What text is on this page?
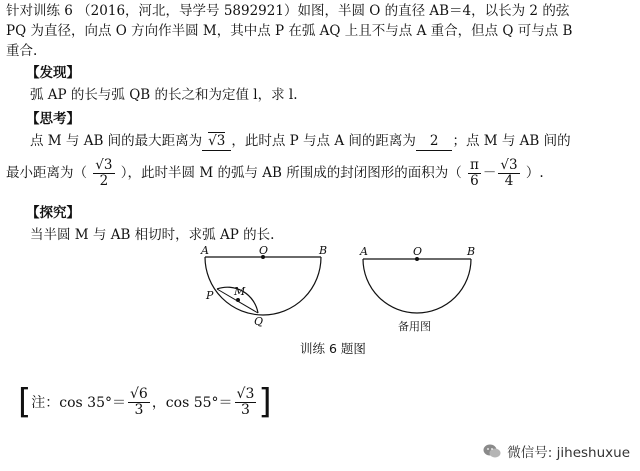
针对训练 6 （2016，河北，导学号 5892921）如图，半圆 O 的直径 AB＝4，以长为 2 的弦
PQ 为直径，向点 O 方向作半圆 M，其中点 P 在弧 AQ 上且不与点 A 重合，但点 Q 可与点 B
重合.
【发现】
弧 AP 的长与弧 QB 的长之和为定值 l，求 l.
【思考】
点 M 与 AB 间的最大距离为 √3 ，此时点 P 与点 A 间的距离为 2 ；点 M 与 AB 间的
最小距离为（ $\frac{√3}{2}$ ），此时半圆 M 的弧与 AB 所围成的封闭图形的面积为（ $\frac{\pi}{6} - \frac{√3}{4}$ ）.
【探究】
当半圆 M 与 AB 相切时，求弧 AP 的长.
A	O	B
P M
Q
A	O	B
备用图
训练 6 题图
[ 注：$\cos 35^\circ= \frac{√6}{3}$ ，$\cos 55^\circ= \frac{√3}{3}$ ]
微信号: jiheshuxue
